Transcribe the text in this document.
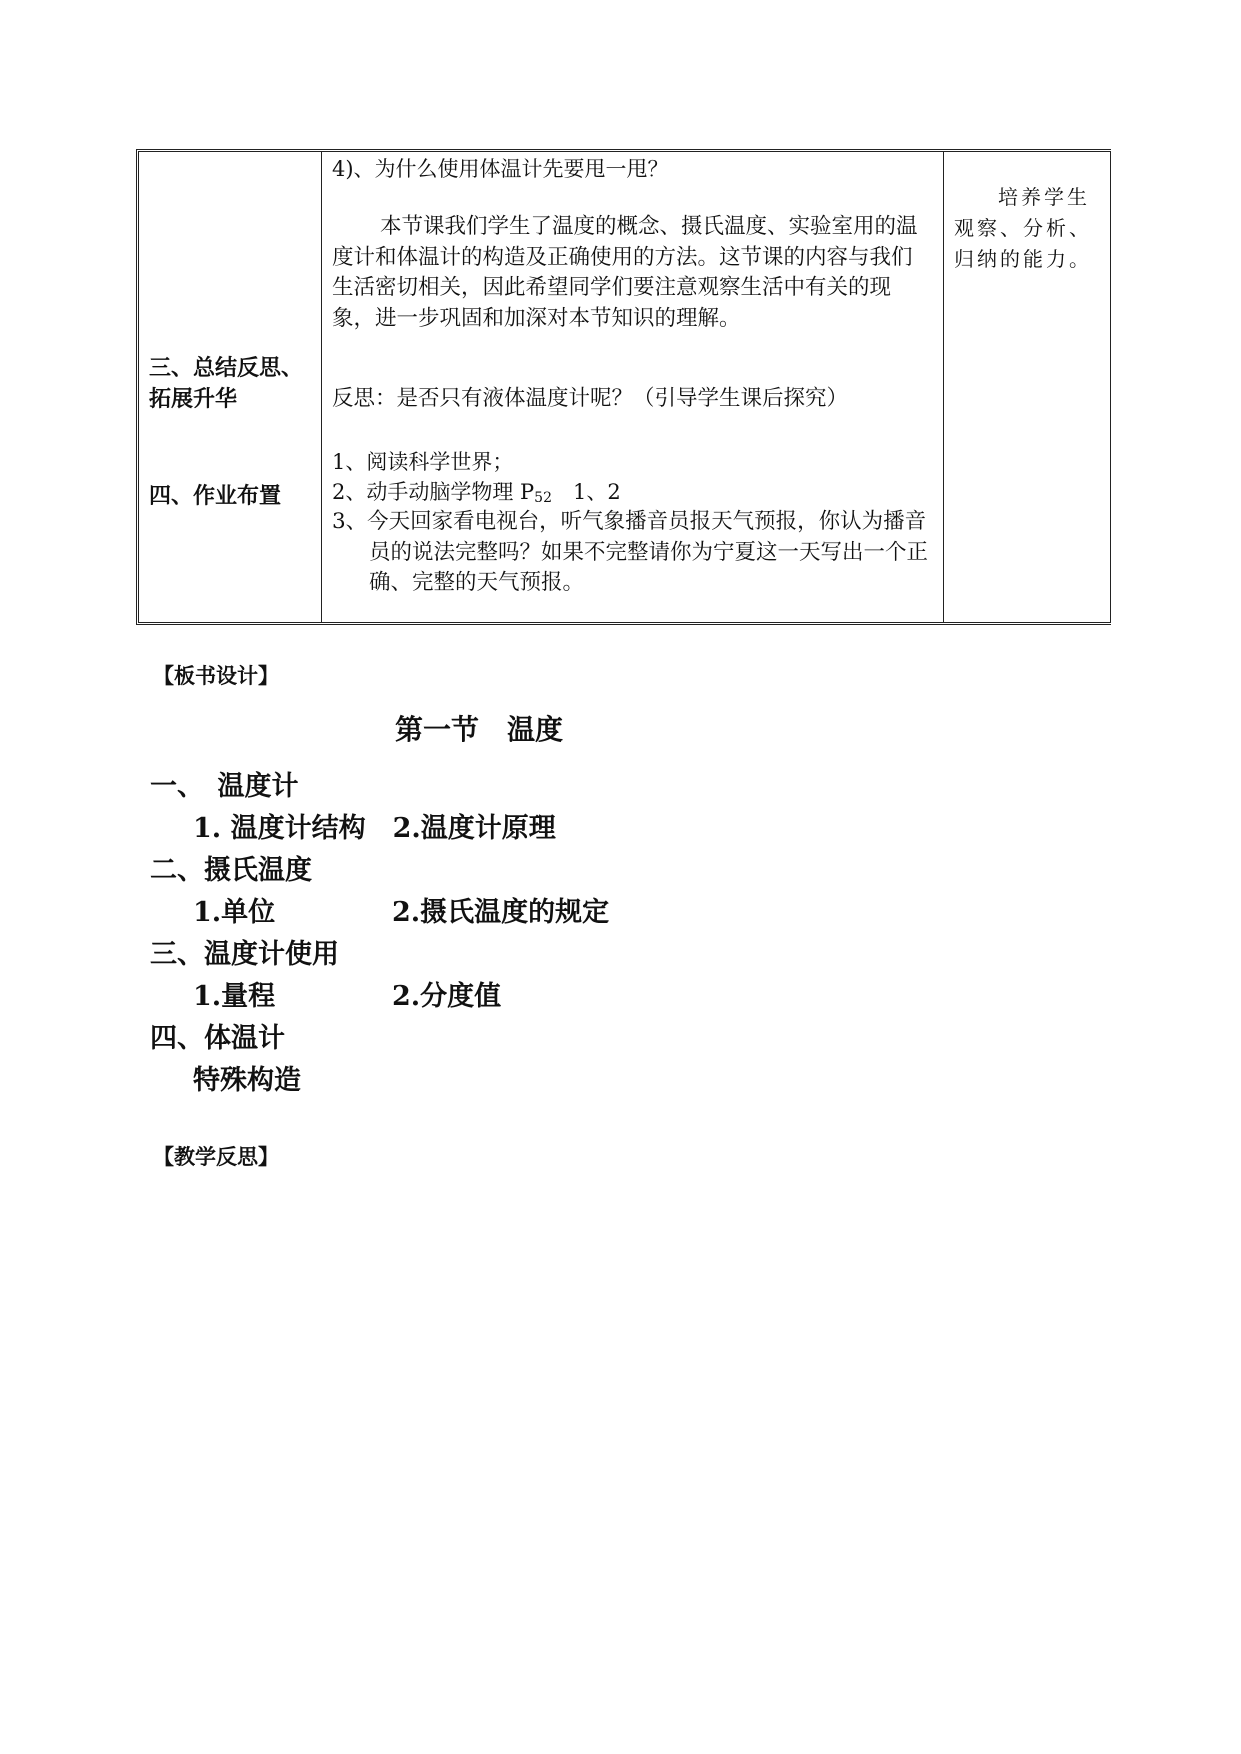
三、总结反思、
拓展升华
四、作业布置
4)、为什么使用体温计先要甩一甩？
本节课我们学生了温度的概念、摄氏温度、实验室用的温度计和体温计的构造及正确使用的方法。这节课的内容与我们生活密切相关，因此希望同学们要注意观察生活中有关的现象，进一步巩固和加深对本节知识的理解。
反思：是否只有液体温度计呢？（引导学生课后探究）
1、阅读科学世界；
2、动手动脑学物理 $P_{52}$　1、2
3、今天回家看电视台，听气象播音员报天气预报，你认为播音员的说法完整吗？如果不完整请你为宁夏这一天写出一个正确、完整的天气预报。
培养学生观察、分析、归纳的能力。
【板书设计】
第一节　温度
一、　温度计
1. 温度计结构　2.温度计原理
二、摄氏温度
1.单位	2.摄氏温度的规定
三、温度计使用
1.量程	2.分度值
四、体温计
特殊构造
【教学反思】
